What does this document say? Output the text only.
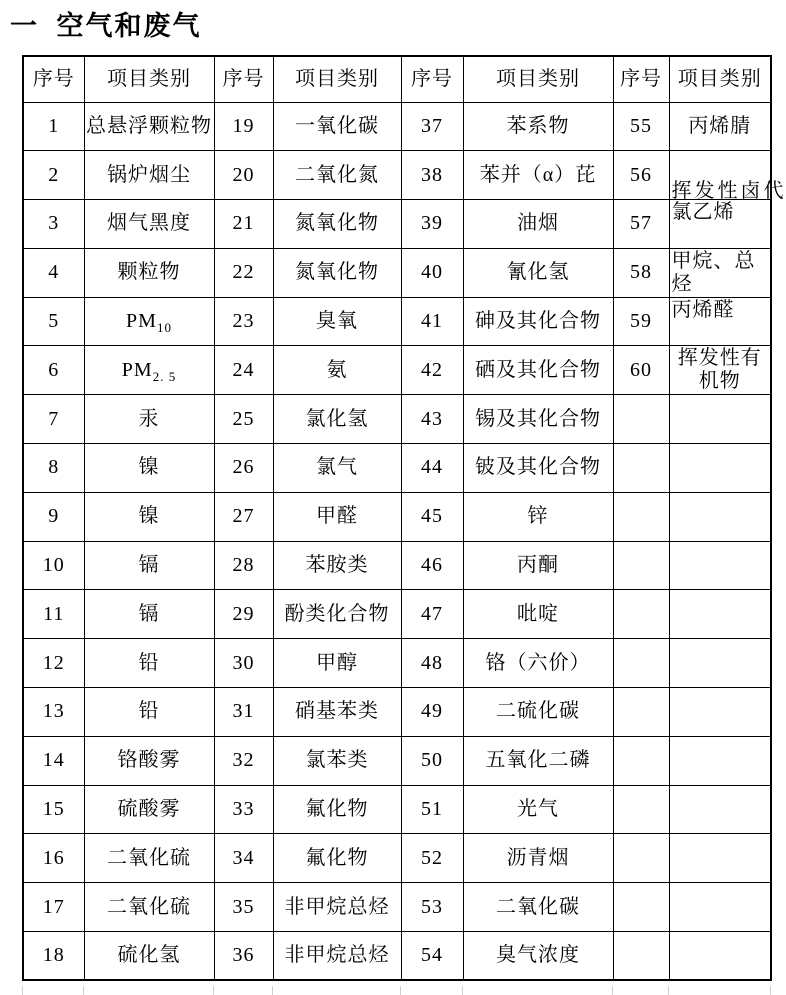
一  空气和废气
序号	项目类别	序号	项目类别	序号	项目类别	序号	项目类别
1	总悬浮颗粒物	19	一氧化碳	37	苯系物	55	丙烯腈

2	锅炉烟尘	20	二氧化氮	38	苯并（α）芘	56	挥发性卤代

3	烟气黑度	21	氮氧化物	39	油烟	57	氯乙烯

4	颗粒物	22	氮氧化物	40	氰化氢	58	甲烷、总烃

5	$PM_{10}$	23	臭氧	41	砷及其化合物	59	丙烯醛

6	$PM_{2. 5}$	24	氨	42	硒及其化合物	60	挥发性有机物

7	汞	25	氯化氢	43	锡及其化合物		

8	镍	26	氯气	44	铍及其化合物		

9	镍	27	甲醛	45	锌		

10	镉	28	苯胺类	46	丙酮		

11	镉	29	酚类化合物	47	吡啶		

12	铅	30	甲醇	48	铬（六价）		

13	铅	31	硝基苯类	49	二硫化碳		

14	铬酸雾	32	氯苯类	50	五氧化二磷		

15	硫酸雾	33	氟化物	51	光气		

16	二氧化硫	34	氟化物	52	沥青烟		

17	二氧化硫	35	非甲烷总烃	53	二氧化碳		

18	硫化氢	36	非甲烷总烃	54	臭气浓度		
